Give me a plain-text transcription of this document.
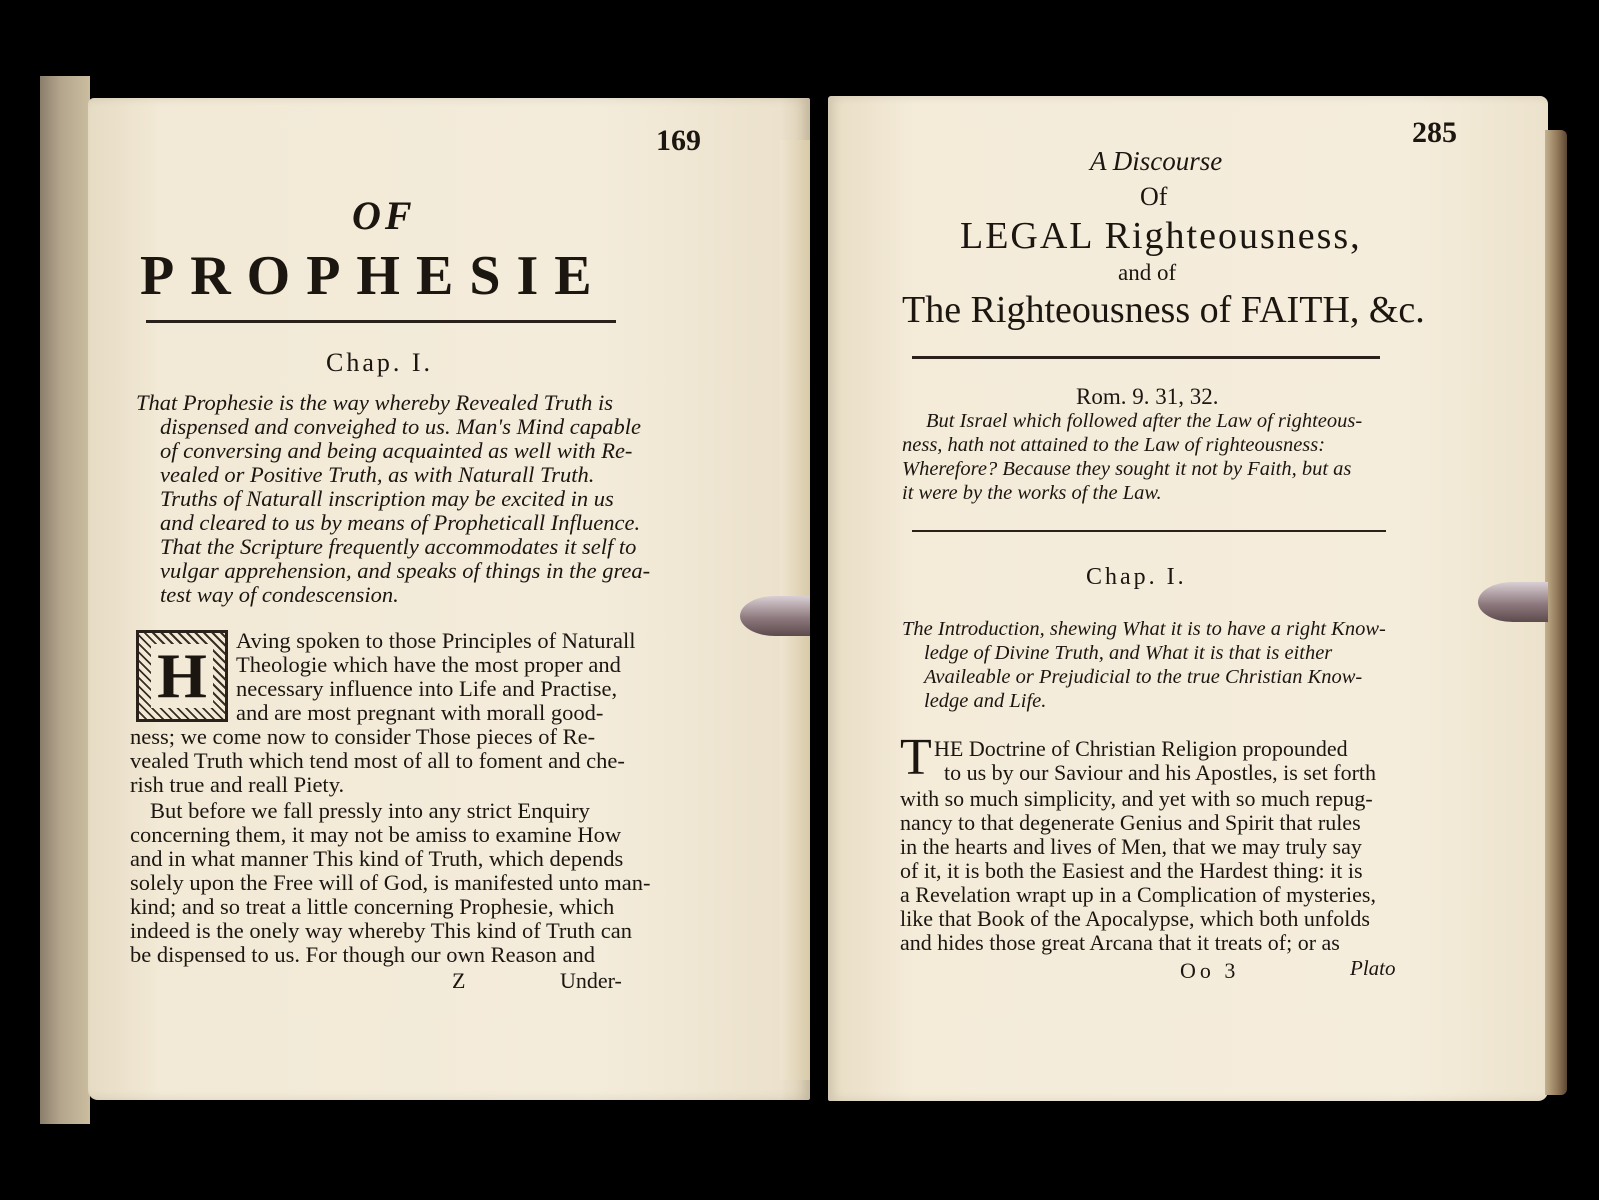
169
OF
PROPHESIE
Chap. I.
That Prophesie is the way whereby Revealed Truth is
dispensed and conveighed to us. Man's Mind capable
of conversing and being acquainted as well with Re-
vealed or Positive Truth, as with Naturall Truth.
Truths of Naturall inscription may be excited in us
and cleared to us by means of Propheticall Influence.
That the Scripture frequently accommodates it self to
vulgar apprehension, and speaks of things in the grea-
test way of condescension.
H Aving spoken to those Principles of Naturall
Theologie which have the most proper and
necessary influence into Life and Practise,
and are most pregnant with morall good-
ness; we come now to consider Those pieces of Re-
vealed Truth which tend most of all to foment and che-
rish true and reall Piety.
But before we fall pressly into any strict Enquiry
concerning them, it may not be amiss to examine How
and in what manner This kind of Truth, which depends
solely upon the Free will of God, is manifested unto man-
kind; and so treat a little concerning Prophesie, which
indeed is the onely way whereby This kind of Truth can
be dispensed to us. For though our own Reason and
Z	Under-
285
A Discourse
Of
LEGAL Righteousness,
and of
The Righteousness of FAITH, &c.
Rom. 9. 31, 32.
But Israel which followed after the Law of righteous-
ness, hath not attained to the Law of righteousness:
Wherefore? Because they sought it not by Faith, but as
it were by the works of the Law.
Chap. I.
The Introduction, shewing What it is to have a right Know-
ledge of Divine Truth, and What it is that is either
Availeable or Prejudicial to the true Christian Know-
ledge and Life.
T HE Doctrine of Christian Religion propounded
to us by our Saviour and his Apostles, is set forth
with so much simplicity, and yet with so much repug-
nancy to that degenerate Genius and Spirit that rules
in the hearts and lives of Men, that we may truly say
of it, it is both the Easiest and the Hardest thing: it is
a Revelation wrapt up in a Complication of mysteries,
like that Book of the Apocalypse, which both unfolds
and hides those great Arcana that it treats of; or as
Oo 3	Plato
